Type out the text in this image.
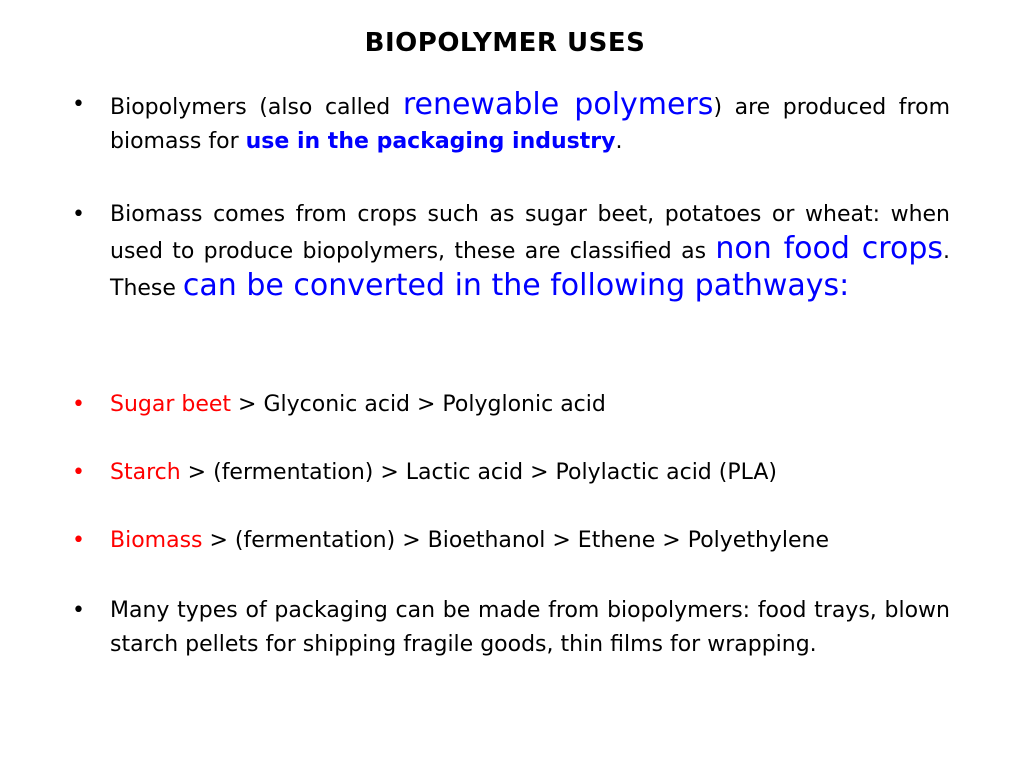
BIOPOLYMER USES
•	Biopolymers (also called renewable polymers) are produced from biomass for use in the packaging industry.
•	Biomass comes from crops such as sugar beet, potatoes or wheat: when used to produce biopolymers, these are classified as non food crops. These can be converted in the following pathways:
•	Sugar beet > Glyconic acid > Polyglonic acid
•	Starch > (fermentation) > Lactic acid > Polylactic acid (PLA)
•	Biomass > (fermentation) > Bioethanol > Ethene > Polyethylene
•	Many types of packaging can be made from biopolymers: food trays, blown starch pellets for shipping fragile goods, thin films for wrapping.
